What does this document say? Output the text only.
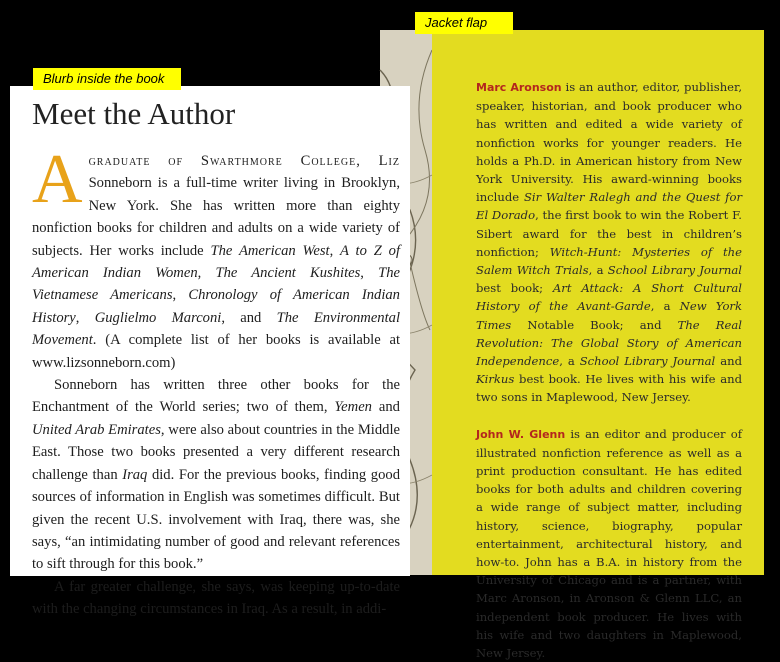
Marc Aronson is an author, editor, publisher, speaker, historian, and book producer who has written and edited a wide variety of nonfiction works for younger readers. He holds a Ph.D. in American history from New York University. His award-winning books include Sir Walter Ralegh and the Quest for El Dorado, the first book to win the Robert F. Sibert award for the best in children’s nonfiction; Witch-Hunt: Mysteries of the Salem Witch Trials, a School Library Journal best book; Art Attack: A Short Cultural History of the Avant-Garde, a New York Times Notable Book; and The Real Revolution: The Global Story of American Independence, a School Library Journal and Kirkus best book. He lives with his wife and two sons in Maplewood, New Jersey.

John W. Glenn is an editor and producer of illustrated nonfiction reference as well as a print production consultant. He has edited books for both adults and children covering a wide range of subject matter, including history, science, biography, popular entertainment, architectural history, and how-to. John has a B.A. in history from the University of Chicago and is a partner, with Marc Aronson, in Aronson & Glenn LLC, an independent book producer. He lives with his wife and two daughters in Maplewood, New Jersey.

Meet the Author

Agraduate of Swarthmore College, Liz Sonneborn is a full-time writer living in Brooklyn, New York. She has written more than eighty nonfiction books for children and adults on a wide variety of subjects. Her works include The American West, A to Z of American Indian Women, The Ancient Kushites, The Vietnamese Americans, Chronology of American Indian History, Guglielmo Marconi, and The Environmental Movement. (A complete list of her books is available at www.lizsonneborn.com)

Sonneborn has written three other books for the Enchantment of the World series; two of them, Yemen and United Arab Emirates, were also about countries in the Middle East. Those two books presented a very different research challenge than Iraq did. For the previous books, finding good sources of information in English was sometimes difficult. But given the recent U.S. involvement with Iraq, there was, she says, “an intimidating number of good and relevant references to sift through for this book.”

A far greater challenge, she says, was keeping up-to-date with the changing circumstances in Iraq. As a result, in addi-

Jacket flap
Blurb inside the book
